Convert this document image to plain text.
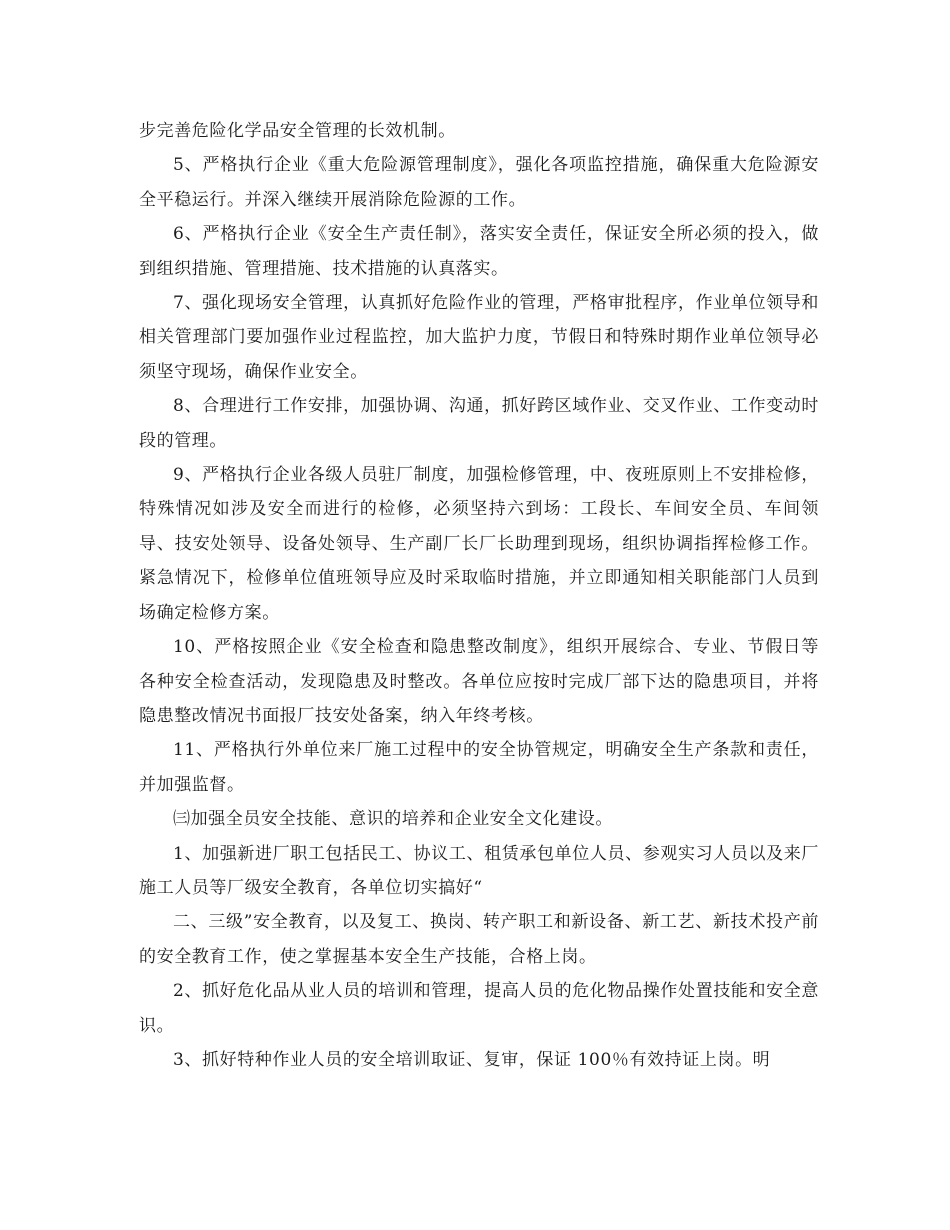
步完善危险化学品安全管理的长效机制。

5、严格执行企业《重大危险源管理制度》，强化各项监控措施，确保重大危险源安全平稳运行。并深入继续开展消除危险源的工作。

6、严格执行企业《安全生产责任制》，落实安全责任，保证安全所必须的投入，做到组织措施、管理措施、技术措施的认真落实。

7、强化现场安全管理，认真抓好危险作业的管理，严格审批程序，作业单位领导和相关管理部门要加强作业过程监控，加大监护力度，节假日和特殊时期作业单位领导必须坚守现场，确保作业安全。

8、合理进行工作安排，加强协调、沟通，抓好跨区域作业、交叉作业、工作变动时段的管理。

9、严格执行企业各级人员驻厂制度，加强检修管理，中、夜班原则上不安排检修，特殊情况如涉及安全而进行的检修，必须坚持六到场：工段长、车间安全员、车间领导、技安处领导、设备处领导、生产副厂长厂长助理到现场，组织协调指挥检修工作。紧急情况下，检修单位值班领导应及时采取临时措施，并立即通知相关职能部门人员到场确定检修方案。

10、严格按照企业《安全检查和隐患整改制度》，组织开展综合、专业、节假日等各种安全检查活动，发现隐患及时整改。各单位应按时完成厂部下达的隐患项目，并将隐患整改情况书面报厂技安处备案，纳入年终考核。

11、严格执行外单位来厂施工过程中的安全协管规定，明确安全生产条款和责任，并加强监督。

㈢加强全员安全技能、意识的培养和企业安全文化建设。

1、加强新进厂职工包括民工、协议工、租赁承包单位人员、参观实习人员以及来厂施工人员等厂级安全教育，各单位切实搞好“

二、三级”安全教育，以及复工、换岗、转产职工和新设备、新工艺、新技术投产前的安全教育工作，使之掌握基本安全生产技能，合格上岗。

2、抓好危化品从业人员的培训和管理，提高人员的危化物品操作处置技能和安全意识。

3、抓好特种作业人员的安全培训取证、复审，保证 100％有效持证上岗。明
